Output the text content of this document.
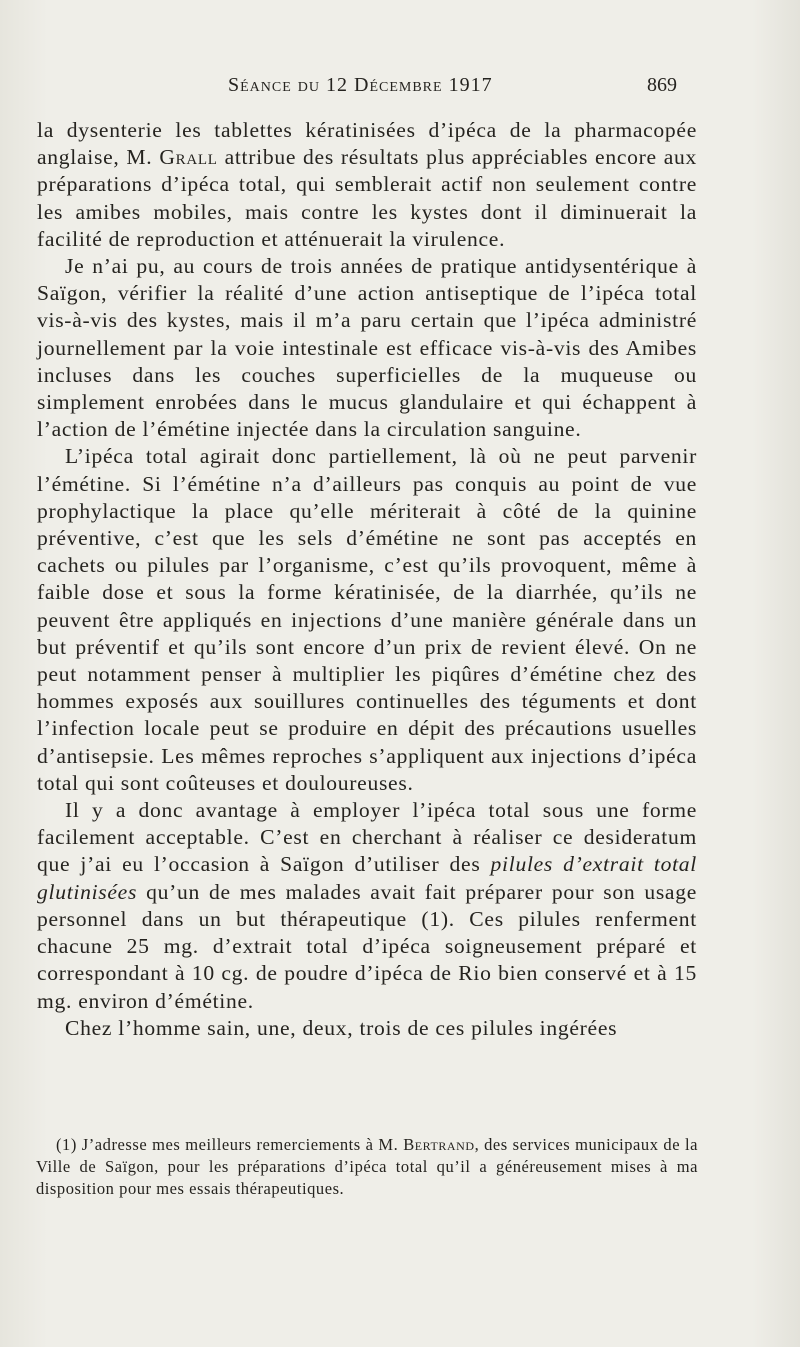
Séance du 12 Décembre 1917	869

la dysenterie les tablettes kératinisées d’ipéca de la pharmacopée anglaise, M. Grall attribue des résultats plus appréciables encore aux préparations d’ipéca total, qui semblerait actif non seulement contre les amibes mobiles, mais contre les kystes dont il diminuerait la facilité de reproduction et atténuerait la virulence.

Je n’ai pu, au cours de trois années de pratique antidysentérique à Saïgon, vérifier la réalité d’une action antiseptique de l’ipéca total vis-à-vis des kystes, mais il m’a paru certain que l’ipéca administré journellement par la voie intestinale est efficace vis-à-vis des Amibes incluses dans les couches superficielles de la muqueuse ou simplement enrobées dans le mucus glandulaire et qui échappent à l’action de l’émétine injectée dans la circulation sanguine.

L’ipéca total agirait donc partiellement, là où ne peut parvenir l’émétine. Si l’émétine n’a d’ailleurs pas conquis au point de vue prophylactique la place qu’elle mériterait à côté de la quinine préventive, c’est que les sels d’émétine ne sont pas acceptés en cachets ou pilules par l’organisme, c’est qu’ils provoquent, même à faible dose et sous la forme kératinisée, de la diarrhée, qu’ils ne peuvent être appliqués en injections d’une manière générale dans un but préventif et qu’ils sont encore d’un prix de revient élevé. On ne peut notamment penser à multiplier les piqûres d’émétine chez des hommes exposés aux souillures continuelles des téguments et dont l’infection locale peut se produire en dépit des précautions usuelles d’antisepsie. Les mêmes reproches s’appliquent aux injections d’ipéca total qui sont coûteuses et douloureuses.

Il y a donc avantage à employer l’ipéca total sous une forme facilement acceptable. C’est en cherchant à réaliser ce desideratum que j’ai eu l’occasion à Saïgon d’utiliser des pilules d’extrait total glutinisées qu’un de mes malades avait fait préparer pour son usage personnel dans un but thérapeutique (1). Ces pilules renferment chacune 25 mg. d’extrait total d’ipéca soigneusement préparé et correspondant à 10 cg. de poudre d’ipéca de Rio bien conservé et à 15 mg. environ d’émétine.

Chez l’homme sain, une, deux, trois de ces pilules ingérées

(1) J’adresse mes meilleurs remerciements à M. Bertrand, des services municipaux de la Ville de Saïgon, pour les préparations d’ipéca total qu’il a généreusement mises à ma disposition pour mes essais thérapeutiques.
